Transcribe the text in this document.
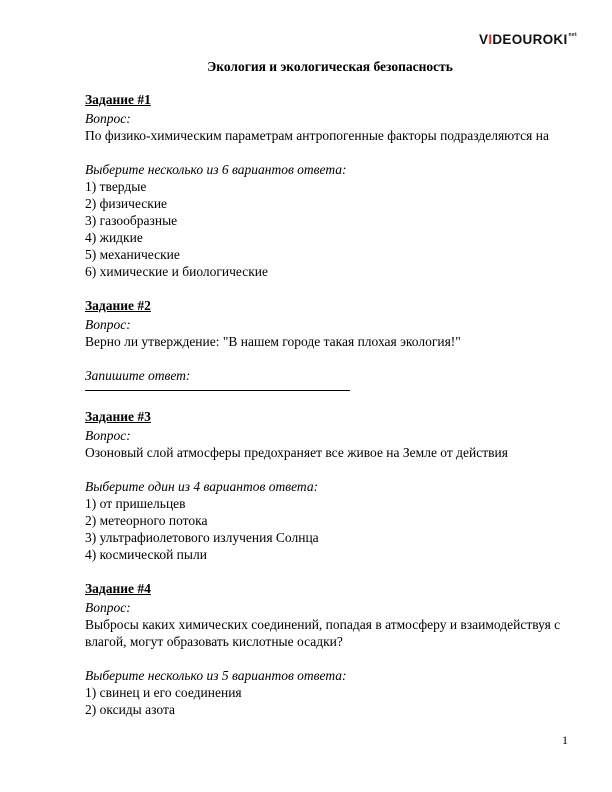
VIDEOUROKInet
Экология и экологическая безопасность
Задание #1
Вопрос:
По физико-химическим параметрам антропогенные факторы подразделяются на
Выберите несколько из 6 вариантов ответа:
1) твердые
2) физические
3) газообразные
4) жидкие
5) механические
6) химические и биологические
Задание #2
Вопрос:
Верно ли утверждение: "В нашем городе такая плохая экология!"
Запишите ответ:
Задание #3
Вопрос:
Озоновый слой атмосферы предохраняет все живое на Земле от действия
Выберите один из 4 вариантов ответа:
1) от пришельцев
2) метеорного потока
3) ультрафиолетового излучения Солнца
4) космической пыли
Задание #4
Вопрос:
Выбросы каких химических соединений, попадая в атмосферу и взаимодействуя с влагой, могут образовать кислотные осадки?
Выберите несколько из 5 вариантов ответа:
1) свинец и его соединения
2) оксиды азота
1
